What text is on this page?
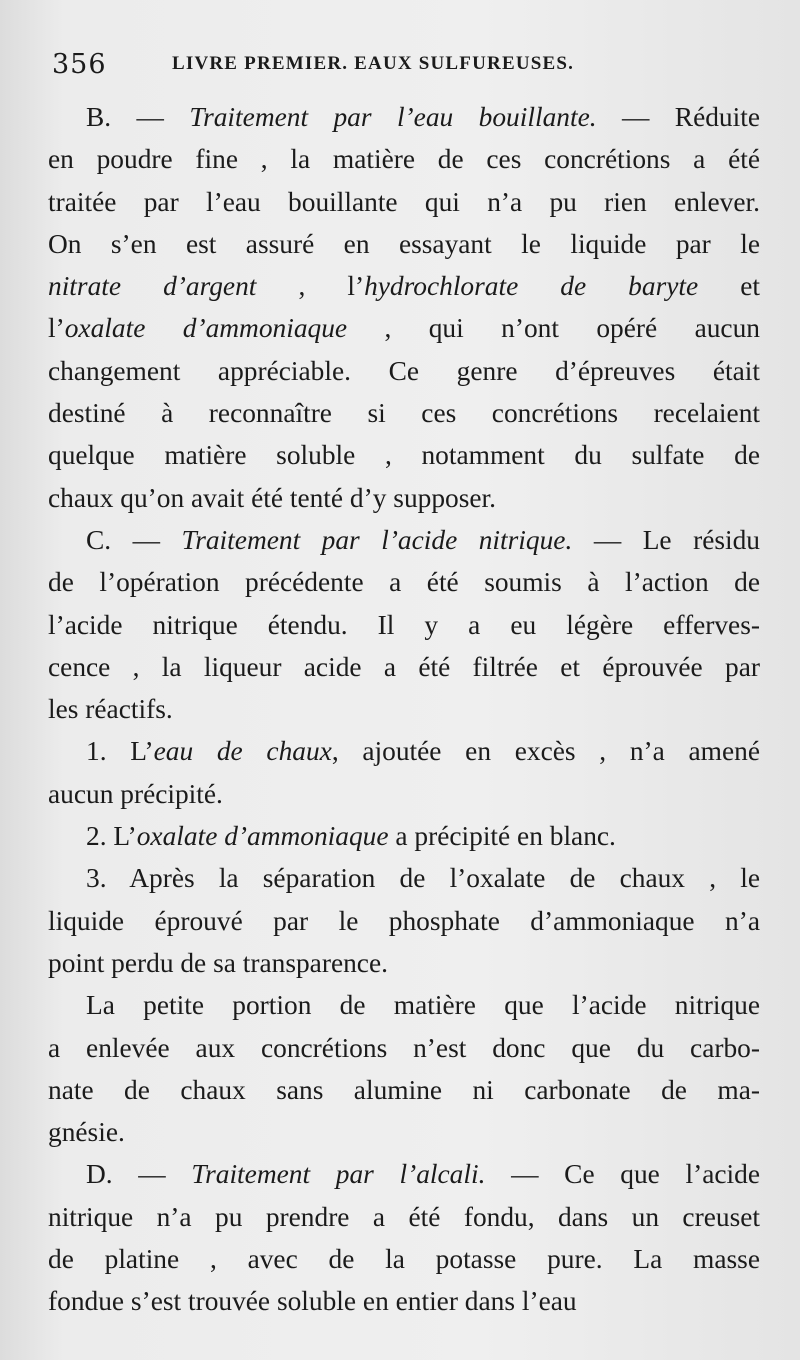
356	LIVRE PREMIER. EAUX SULFUREUSES.
B. — Traitement par l’eau bouillante. — Réduite
en poudre fine , la matière de ces concrétions a été
traitée par l’eau bouillante qui n’a pu rien enlever.
On s’en est assuré en essayant le liquide par le
nitrate d’argent , l’hydrochlorate de baryte et
l’oxalate d’ammoniaque , qui n’ont opéré aucun
changement appréciable. Ce genre d’épreuves était
destiné à reconnaître si ces concrétions recelaient
quelque matière soluble , notamment du sulfate de
chaux qu’on avait été tenté d’y supposer.
C. — Traitement par l’acide nitrique. — Le résidu
de l’opération précédente a été soumis à l’action de
l’acide nitrique étendu. Il y a eu légère efferves-
cence , la liqueur acide a été filtrée et éprouvée par
les réactifs.
1. L’eau de chaux, ajoutée en excès , n’a amené
aucun précipité.
2. L’oxalate d’ammoniaque a précipité en blanc.
3. Après la séparation de l’oxalate de chaux , le
liquide éprouvé par le phosphate d’ammoniaque n’a
point perdu de sa transparence.
La petite portion de matière que l’acide nitrique
a enlevée aux concrétions n’est donc que du carbo-
nate de chaux sans alumine ni carbonate de ma-
gnésie.
D. — Traitement par l’alcali. — Ce que l’acide
nitrique n’a pu prendre a été fondu, dans un creuset
de platine , avec de la potasse pure. La masse
fondue s’est trouvée soluble en entier dans l’eau
